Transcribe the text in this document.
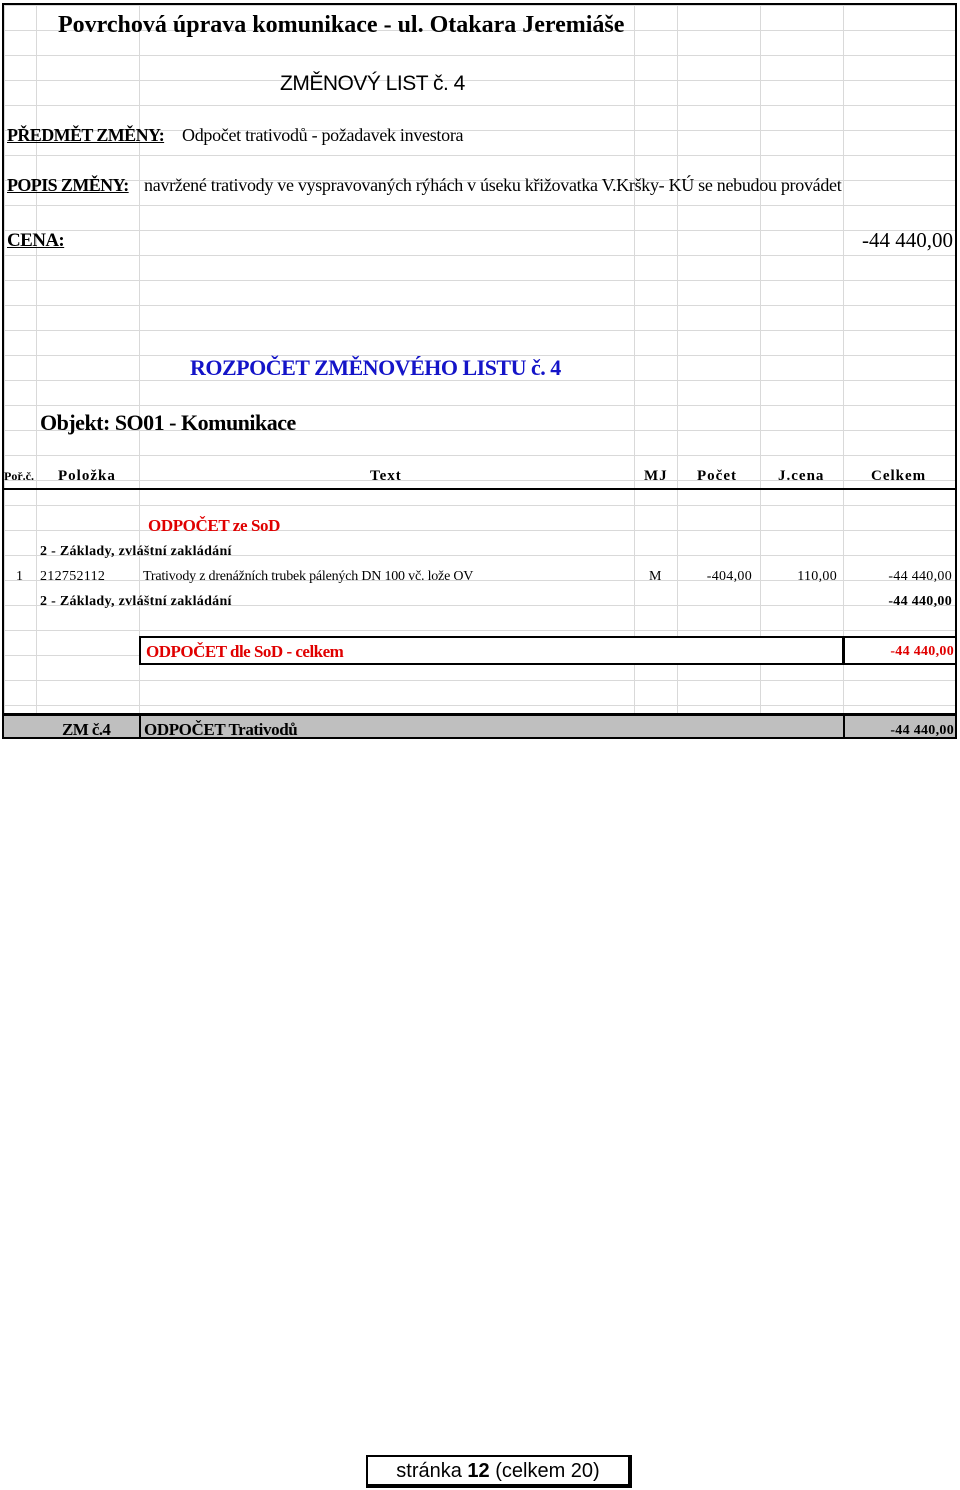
Povrchová úprava komunikace - ul. Otakara Jeremiáše
ZMĚNOVÝ LIST č. 4
PŘEDMĚT ZMĚNY: Odpočet trativodů - požadavek investora
POPIS ZMĚNY: navržené trativody ve vyspravovaných rýhách v úseku křižovatka V.Kršky- KÚ se nebudou provádet
CENA:	-44 440,00
ROZPOČET ZMĚNOVÉHO LISTU č. 4
Objekt: SO01 - Komunikace
Poř.č. Položka	Text	MJ Počet	J.cena	Celkem
ODPOČET ze SoD
2 - Základy, zvláštní zakládání
1 212752112	Trativody z drenážních trubek pálených DN 100 vč. lože OV	M	-404,00	110,00	-44 440,00
2 - Základy, zvláštní zakládání	-44 440,00
ODPOČET dle SoD - celkem	-44 440,00
ZM č.4 ODPOČET Trativodů	-44 440,00
stránka 12 (celkem 20)
